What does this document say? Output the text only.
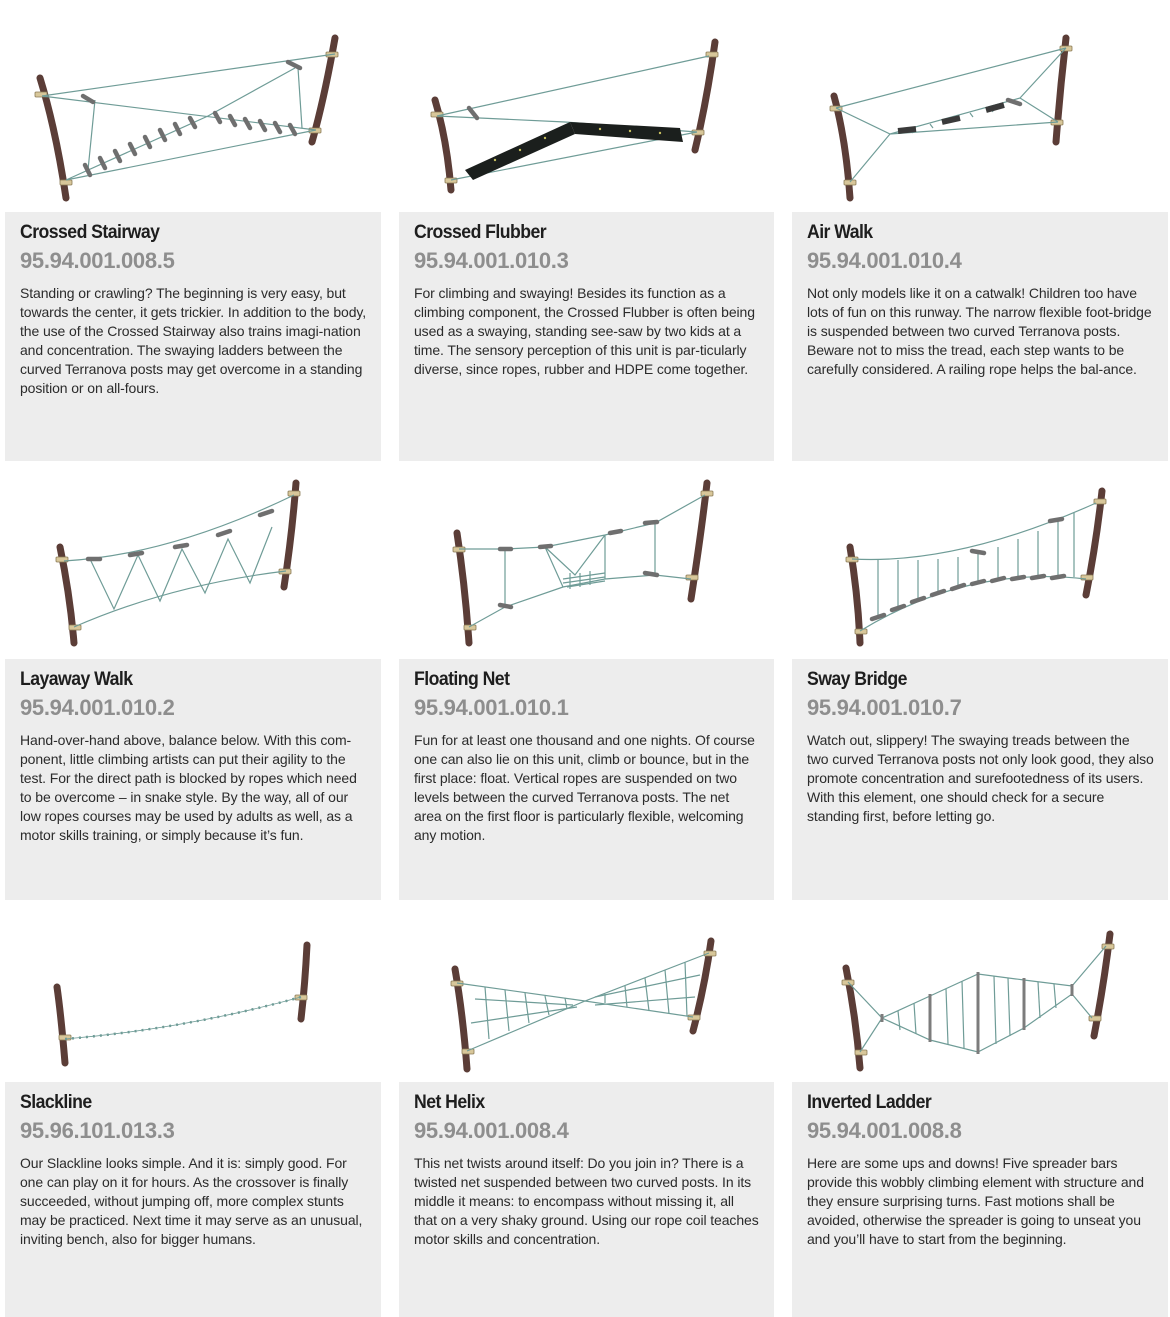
Crossed Stairway
95.94.001.008.5

Standing or crawling? The beginning is very easy, but towards the center, it gets trickier. In addition to the body, the use of the Crossed Stairway also trains imagi-nation and concentration. The swaying ladders between the curved Terranova posts may get overcome in a standing position or on all-fours.

Crossed Flubber
95.94.001.010.3

For climbing and swaying! Besides its function as a climbing component, the Crossed Flubber is often being used as a swaying, standing see-saw by two kids at a time. The sensory perception of this unit is par-ticularly diverse, since ropes, rubber and HDPE come together.

Air Walk
95.94.001.010.4

Not only models like it on a catwalk! Children too have lots of fun on this runway. The narrow flexible foot-bridge is suspended between two curved Terranova posts. Beware not to miss the tread, each step wants to be carefully considered. A railing rope helps the bal-ance.

Layaway Walk
95.94.001.010.2

Hand-over-hand above, balance below. With this com-ponent, little climbing artists can put their agility to the test. For the direct path is blocked by ropes which need to be overcome – in snake style. By the way, all of our low ropes courses may be used by adults as well, as a motor skills training, or simply because it’s fun.

Floating Net
95.94.001.010.1

Fun for at least one thousand and one nights. Of course one can also lie on this unit, climb or bounce, but in the first place: float. Vertical ropes are suspended on two levels between the curved Terranova posts. The net area on the first floor is particularly flexible, welcoming any motion.

Sway Bridge
95.94.001.010.7

Watch out, slippery! The swaying treads between the two curved Terranova posts not only look good, they also promote concentration and surefootedness of its users. With this element, one should check for a secure standing first, before letting go.

Slackline
95.96.101.013.3

Our Slackline looks simple. And it is: simply good. For one can play on it for hours. As the crossover is finally succeeded, without jumping off, more complex stunts may be practiced. Next time it may serve as an unusual, inviting bench, also for bigger humans.

Net Helix
95.94.001.008.4

This net twists around itself: Do you join in? There is a twisted net suspended between two curved posts. In its middle it means: to encompass without missing it, all that on a very shaky ground. Using our rope coil teaches motor skills and concentration.

Inverted Ladder
95.94.001.008.8

Here are some ups and downs! Five spreader bars provide this wobbly climbing element with structure and they ensure surprising turns. Fast motions shall be avoided, otherwise the spreader is going to unseat you and you’ll have to start from the beginning.
